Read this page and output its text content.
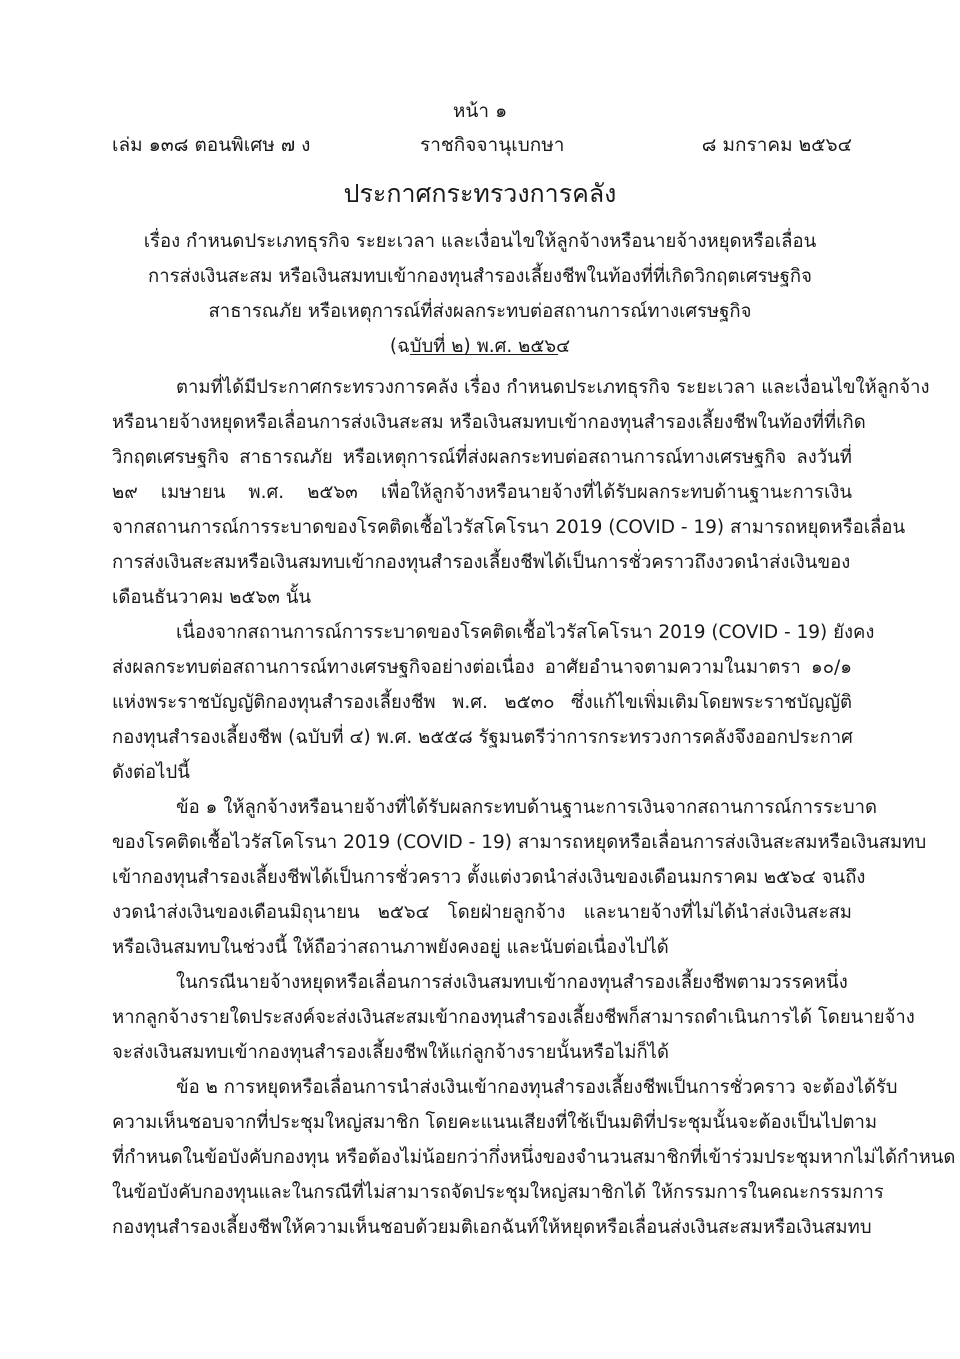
หน้า ๑
เล่ม ๑๓๘ ตอนพิเศษ ๗ ง	ราชกิจจานุเบกษา	๘ มกราคม ๒๕๖๔
ประกาศกระทรวงการคลัง
เรื่อง กำหนดประเภทธุรกิจ ระยะเวลา และเงื่อนไขให้ลูกจ้างหรือนายจ้างหยุดหรือเลื่อน
การส่งเงินสะสม หรือเงินสมทบเข้ากองทุนสำรองเลี้ยงชีพในท้องที่ที่เกิดวิกฤตเศรษฐกิจ
สาธารณภัย หรือเหตุการณ์ที่ส่งผลกระทบต่อสถานการณ์ทางเศรษฐกิจ
(ฉบับที่ ๒) พ.ศ. ๒๕๖๔
ตามที่ได้มีประกาศกระทรวงการคลัง เรื่อง กำหนดประเภทธุรกิจ ระยะเวลา และเงื่อนไขให้ลูกจ้าง
หรือนายจ้างหยุดหรือเลื่อนการส่งเงินสะสม หรือเงินสมทบเข้ากองทุนสำรองเลี้ยงชีพในท้องที่ที่เกิด
วิกฤตเศรษฐกิจ สาธารณภัย หรือเหตุการณ์ที่ส่งผลกระทบต่อสถานการณ์ทางเศรษฐกิจ ลงวันที่
๒๙ เมษายน พ.ศ. ๒๕๖๓ เพื่อให้ลูกจ้างหรือนายจ้างที่ได้รับผลกระทบด้านฐานะการเงิน
จากสถานการณ์การระบาดของโรคติดเชื้อไวรัสโคโรนา 2019 (COVID - 19) สามารถหยุดหรือเลื่อน
การส่งเงินสะสมหรือเงินสมทบเข้ากองทุนสำรองเลี้ยงชีพได้เป็นการชั่วคราวถึงงวดนำส่งเงินของ
เดือนธันวาคม ๒๕๖๓ นั้น
เนื่องจากสถานการณ์การระบาดของโรคติดเชื้อไวรัสโคโรนา 2019 (COVID - 19) ยังคง
ส่งผลกระทบต่อสถานการณ์ทางเศรษฐกิจอย่างต่อเนื่อง อาศัยอำนาจตามความในมาตรา ๑๐/๑
แห่งพระราชบัญญัติกองทุนสำรองเลี้ยงชีพ พ.ศ. ๒๕๓๐ ซึ่งแก้ไขเพิ่มเติมโดยพระราชบัญญัติ
กองทุนสำรองเลี้ยงชีพ (ฉบับที่ ๔) พ.ศ. ๒๕๕๘ รัฐมนตรีว่าการกระทรวงการคลังจึงออกประกาศ
ดังต่อไปนี้
ข้อ ๑ ให้ลูกจ้างหรือนายจ้างที่ได้รับผลกระทบด้านฐานะการเงินจากสถานการณ์การระบาด
ของโรคติดเชื้อไวรัสโคโรนา 2019 (COVID - 19) สามารถหยุดหรือเลื่อนการส่งเงินสะสมหรือเงินสมทบ
เข้ากองทุนสำรองเลี้ยงชีพได้เป็นการชั่วคราว ตั้งแต่งวดนำส่งเงินของเดือนมกราคม ๒๕๖๔ จนถึง
งวดนำส่งเงินของเดือนมิถุนายน ๒๕๖๔ โดยฝ่ายลูกจ้าง และนายจ้างที่ไม่ได้นำส่งเงินสะสม
หรือเงินสมทบในช่วงนี้ ให้ถือว่าสถานภาพยังคงอยู่ และนับต่อเนื่องไปได้
ในกรณีนายจ้างหยุดหรือเลื่อนการส่งเงินสมทบเข้ากองทุนสำรองเลี้ยงชีพตามวรรคหนึ่ง
หากลูกจ้างรายใดประสงค์จะส่งเงินสะสมเข้ากองทุนสำรองเลี้ยงชีพก็สามารถดำเนินการได้ โดยนายจ้าง
จะส่งเงินสมทบเข้ากองทุนสำรองเลี้ยงชีพให้แก่ลูกจ้างรายนั้นหรือไม่ก็ได้
ข้อ ๒ การหยุดหรือเลื่อนการนำส่งเงินเข้ากองทุนสำรองเลี้ยงชีพเป็นการชั่วคราว จะต้องได้รับ
ความเห็นชอบจากที่ประชุมใหญ่สมาชิก โดยคะแนนเสียงที่ใช้เป็นมติที่ประชุมนั้นจะต้องเป็นไปตาม
ที่กำหนดในข้อบังคับกองทุน หรือต้องไม่น้อยกว่ากึ่งหนึ่งของจำนวนสมาชิกที่เข้าร่วมประชุมหากไม่ได้กำหนด
ในข้อบังคับกองทุนและในกรณีที่ไม่สามารถจัดประชุมใหญ่สมาชิกได้ ให้กรรมการในคณะกรรมการ
กองทุนสำรองเลี้ยงชีพให้ความเห็นชอบด้วยมติเอกฉันท์ให้หยุดหรือเลื่อนส่งเงินสะสมหรือเงินสมทบ
